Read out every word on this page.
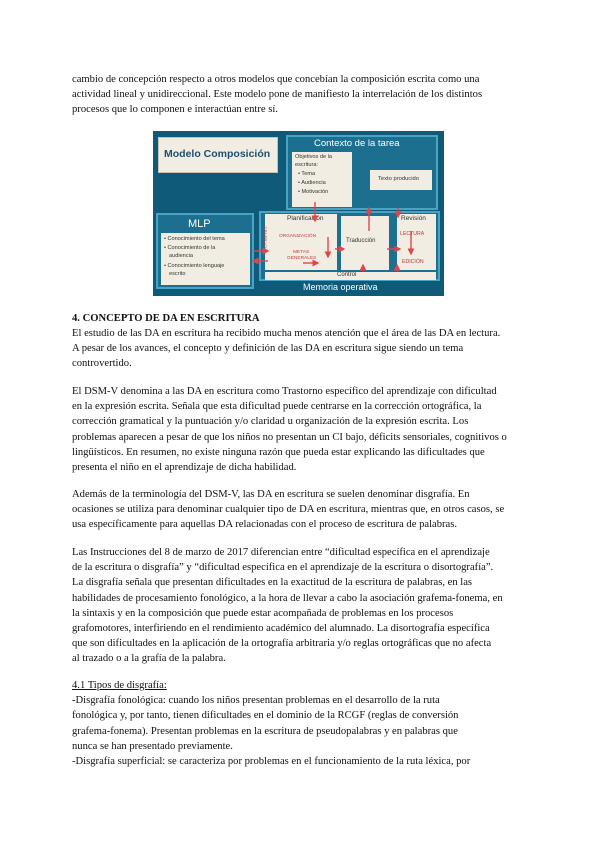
cambio de concepción respecto a otros modelos que concebían la composición escrita como una
actividad lineal y unidireccional. Este modelo pone de manifiesto la interrelación de los distintos
procesos que lo componen e interactúan entre sí.
Modelo Composición
Contexto de la tarea
Objetivos de la
escritura:
• Tema
• Audiencia
• Motivación
Texto producido
MLP
• Conocimiento del tema
• Conocimiento de la
audiencia
• Conocimiento lenguaje
escrito
Planificación
GENERACIÓN ORGANIZACIÓN
METAS
GENERALES
Traducción
Revisión
LECTURA
EDICIÓN
Control
Memoria operativa
4. CONCEPTO DE DA EN ESCRITURA
El estudio de las DA en escritura ha recibido mucha menos atención que el área de las DA en lectura.
A pesar de los avances, el concepto y definición de las DA en escritura sigue siendo un tema
controvertido.
El DSM-V denomina a las DA en escritura como Trastorno específico del aprendizaje con dificultad
en la expresión escrita. Señala que esta dificultad puede centrarse en la corrección ortográfica, la
corrección gramatical y la puntuación y/o claridad u organización de la expresión escrita. Los
problemas aparecen a pesar de que los niños no presentan un CI bajo, déficits sensoriales, cognitivos o
lingüísticos. En resumen, no existe ninguna razón que pueda estar explicando las dificultades que
presenta el niño en el aprendizaje de dicha habilidad.
Además de la terminología del DSM-V, las DA en escritura se suelen denominar disgrafía. En
ocasiones se utiliza para denominar cualquier tipo de DA en escritura, mientras que, en otros casos, se
usa específicamente para aquellas DA relacionadas con el proceso de escritura de palabras.
Las Instrucciones del 8 de marzo de 2017 diferencian entre “dificultad específica en el aprendizaje
de la escritura o disgrafía” y “dificultad específica en el aprendizaje de la escritura o disortografía”.
La disgrafía señala que presentan dificultades en la exactitud de la escritura de palabras, en las
habilidades de procesamiento fonológico, a la hora de llevar a cabo la asociación grafema-fonema, en
la sintaxis y en la composición que puede estar acompañada de problemas en los procesos
grafomotores, interfiriendo en el rendimiento académico del alumnado. La disortografía específica
que son dificultades en la aplicación de la ortografía arbitraria y/o reglas ortográficas que no afecta
al trazado o a la grafía de la palabra.
4.1 Tipos de disgrafía:
-Disgrafía fonológica: cuando los niños presentan problemas en el desarrollo de la ruta
fonológica y, por tanto, tienen dificultades en el dominio de la RCGF (reglas de conversión
grafema-fonema). Presentan problemas en la escritura de pseudopalabras y en palabras que
nunca se han presentado previamente.
-Disgrafía superficial: se caracteriza por problemas en el funcionamiento de la ruta léxica, por
